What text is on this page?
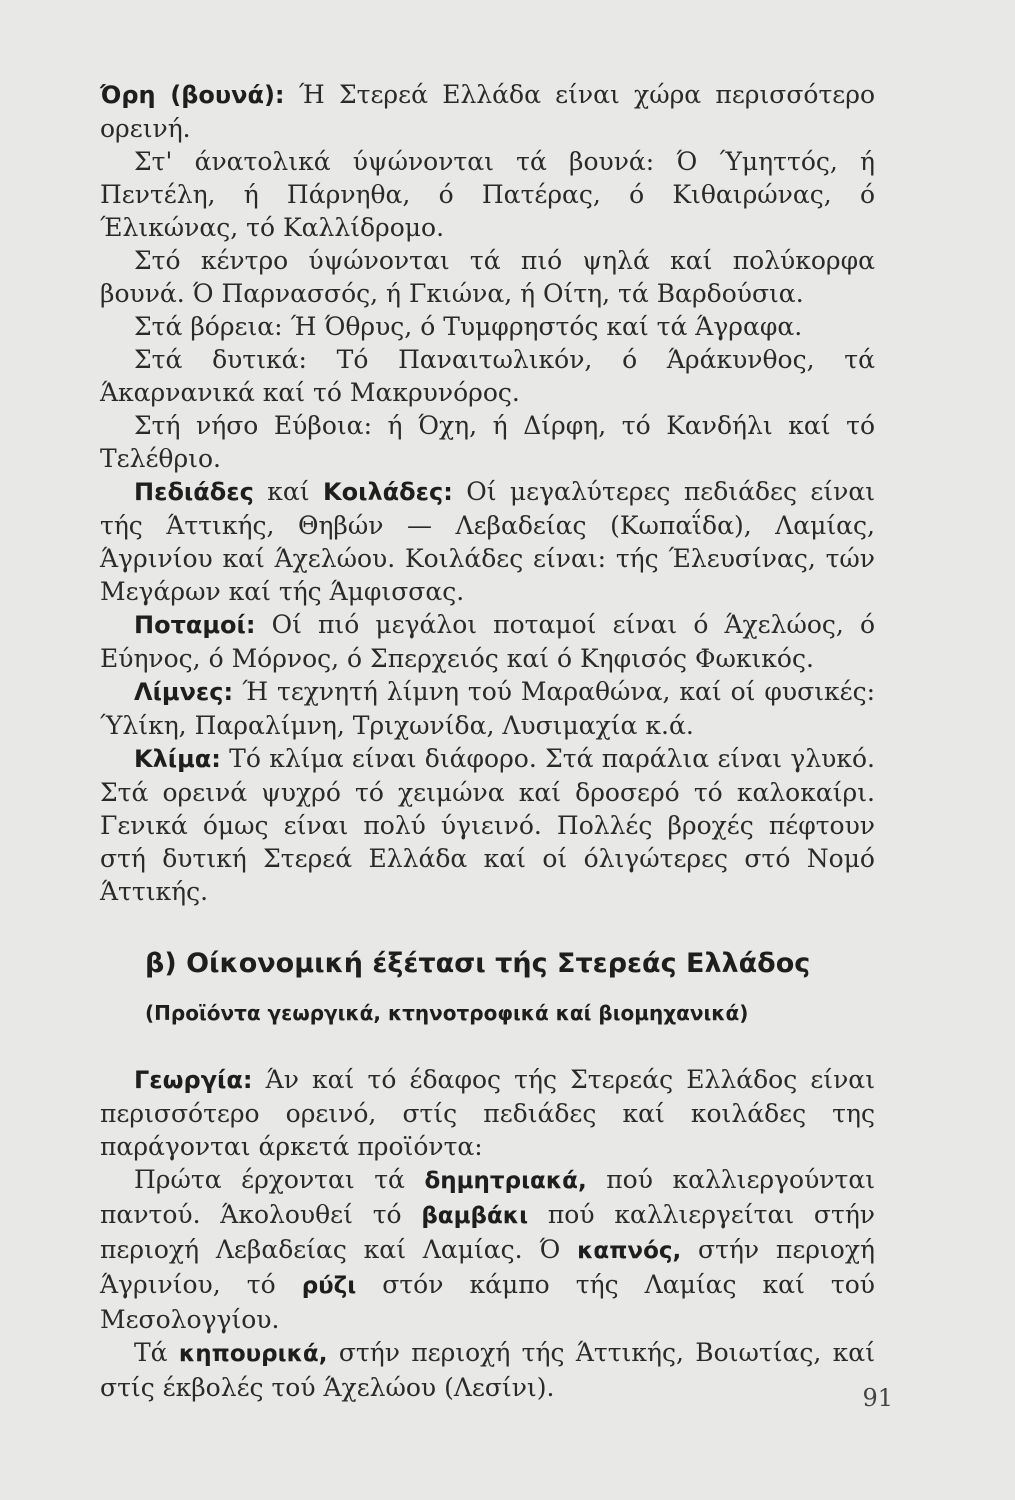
Όρη (βουνά): Ή Στερεά Ελλάδα είναι χώρα περισσότερο ορεινή.

Στ' άνατολικά ύψώνονται τά βουνά: Ό Ύμηττός, ή Πεντέλη, ή Πάρνηθα, ό Πατέρας, ό Κιθαιρώνας, ό Έλικώνας, τό Καλλίδρομο.

Στό κέντρο ύψώνονται τά πιό ψηλά καί πολύκορφα βουνά. Ό Παρνασσός, ή Γκιώνα, ή Οίτη, τά Βαρδούσια.

Στά βόρεια: Ή Όθρυς, ό Τυμφρηστός καί τά Άγραφα.

Στά δυτικά: Τό Παναιτωλικόν, ό Άράκυνθος, τά Άκαρνανικά καί τό Μακρυνόρος.

Στή νήσο Εύβοια: ή Όχη, ή Δίρφη, τό Κανδήλι καί τό Τελέθριο.

Πεδιάδες καί Κοιλάδες: Οί μεγαλύτερες πεδιάδες είναι τής Άττικής, Θηβών — Λεβαδείας (Κωπαΐδα), Λαμίας, Άγρινίου καί Άχελώου. Κοιλάδες είναι: τής Έλευσίνας, τών Μεγάρων καί τής Άμφισσας.

Ποταμοί: Οί πιό μεγάλοι ποταμοί είναι ό Άχελώος, ό Εύηνος, ό Μόρνος, ό Σπερχειός καί ό Κηφισός Φωκικός.

Λίμνες: Ή τεχνητή λίμνη τού Μαραθώνα, καί οί φυσικές: Ύλίκη, Παραλίμνη, Τριχωνίδα, Λυσιμαχία κ.ά.

Κλίμα: Τό κλίμα είναι διάφορο. Στά παράλια είναι γλυκό. Στά ορεινά ψυχρό τό χειμώνα καί δροσερό τό καλοκαίρι. Γενικά όμως είναι πολύ ύγιεινό. Πολλές βροχές πέφτουν στή δυτική Στερεά Ελλάδα καί οί όλιγώτερες στό Νομό Άττικής.

β) Οίκονομική έξέτασι τής Στερεάς Ελλάδος
(Προϊόντα γεωργικά, κτηνοτροφικά καί βιομηχανικά)

Γεωργία: Άν καί τό έδαφος τής Στερεάς Ελλάδος είναι περισσότερο ορεινό, στίς πεδιάδες καί κοιλάδες της παράγονται άρκετά προϊόντα:

Πρώτα έρχονται τά δημητριακά, πού καλλιεργούνται παντού. Άκολουθεί τό βαμβάκι πού καλλιεργείται στήν περιοχή Λεβαδείας καί Λαμίας. Ό καπνός, στήν περιοχή Άγρινίου, τό ρύζι στόν κάμπο τής Λαμίας καί τού Μεσολογγίου.

Τά κηπουρικά, στήν περιοχή τής Άττικής, Βοιωτίας, καί στίς έκβολές τού Άχελώου (Λεσίνι).	91
